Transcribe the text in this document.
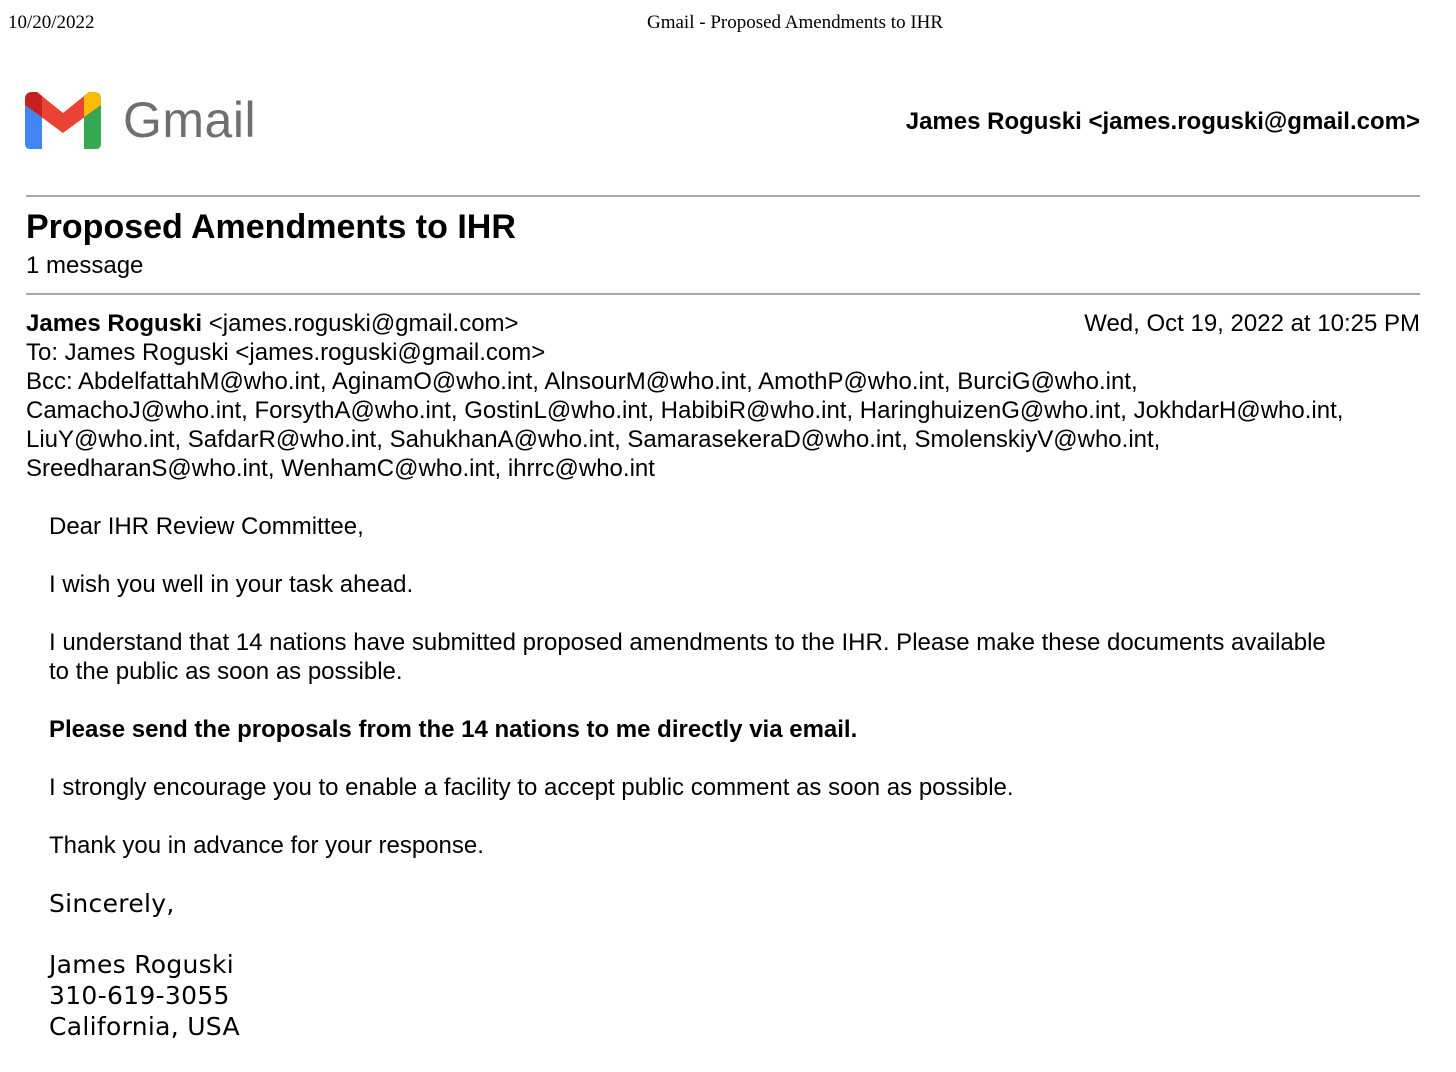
10/20/2022	Gmail - Proposed Amendments to IHR
Gmail	James Roguski <james.roguski@gmail.com>
Proposed Amendments to IHR
1 message
James Roguski <james.roguski@gmail.com>	Wed, Oct 19, 2022 at 10:25 PM
To: James Roguski <james.roguski@gmail.com>
Bcc: AbdelfattahM@who.int, AginamO@who.int, AlnsourM@who.int, AmothP@who.int, BurciG@who.int,
CamachoJ@who.int, ForsythA@who.int, GostinL@who.int, HabibiR@who.int, HaringhuizenG@who.int, JokhdarH@who.int,
LiuY@who.int, SafdarR@who.int, SahukhanA@who.int, SamarasekeraD@who.int, SmolenskiyV@who.int,
SreedharanS@who.int, WenhamC@who.int, ihrrc@who.int

Dear IHR Review Committee,

I wish you well in your task ahead.

I understand that 14 nations have submitted proposed amendments to the IHR. Please make these documents available

to the public as soon as possible.

Please send the proposals from the 14 nations to me directly via email.

I strongly encourage you to enable a facility to accept public comment as soon as possible.

Thank you in advance for your response.

Sincerely,
James Roguski
310-619-3055
California, USA
